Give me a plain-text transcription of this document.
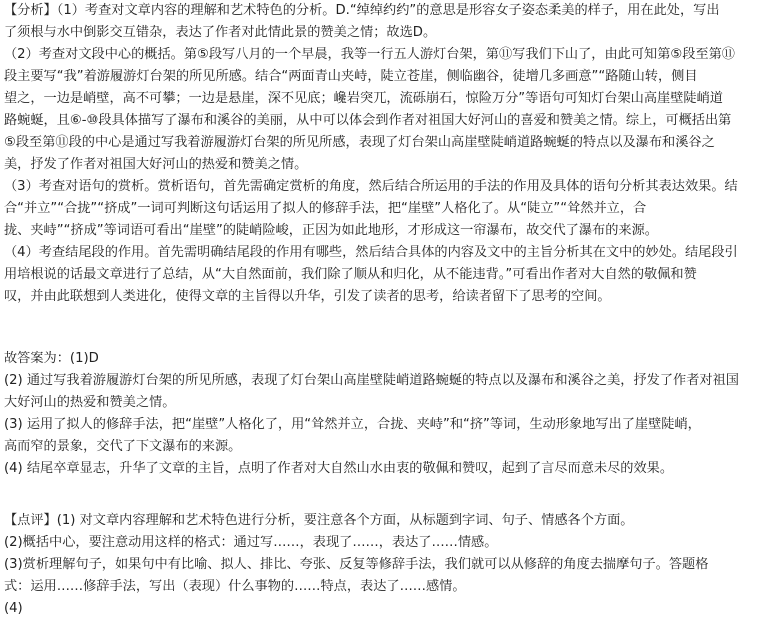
【分析】（1）考查对文章内容的理解和艺术特色的分析。D.“绰绰约约”的意思是形容女子姿态柔美的样子，用在此处，写出
了须根与水中倒影交互错杂，表达了作者对此情此景的赞美之情；故选D。
（2）考查对文段中心的概括。第⑤段写八月的一个早晨，我等一行五人游灯台架，第⑪写我们下山了，由此可知第⑤段至第⑪
段主要写“我”着游履游灯台架的所见所感。结合“两面青山夹峙，陡立苍崖，侧临幽谷，徒增几多画意”“路随山转，侧目
望之，一边是峭壁，高不可攀；一边是悬崖，深不见底；巉岩突兀，流砾崩石，惊险万分”等语句可知灯台架山高崖壁陡峭道
路蜿蜒，且⑥-⑩段具体描写了瀑布和溪谷的美丽，从中可以体会到作者对祖国大好河山的喜爱和赞美之情。综上，可概括出第
⑤段至第⑪段的中心是通过写我着游履游灯台架的所见所感，表现了灯台架山高崖壁陡峭道路蜿蜒的特点以及瀑布和溪谷之
美，抒发了作者对祖国大好河山的热爱和赞美之情。
（3）考查对语句的赏析。赏析语句，首先需确定赏析的角度，然后结合所运用的手法的作用及具体的语句分析其表达效果。结
合“并立”“合拢”“挤成”一词可判断这句话运用了拟人的修辞手法，把“崖壁”人格化了。从“陡立”“耸然并立，合
拢、夹峙”“挤成”等词语可看出“崖壁”的陡峭险峻，正因为如此地形，才形成这一帘瀑布，故交代了瀑布的来源。
（4）考查结尾段的作用。首先需明确结尾段的作用有哪些，然后结合具体的内容及文中的主旨分析其在文中的妙处。结尾段引
用培根说的话最文章进行了总结，从“大自然面前，我们除了顺从和归化，从不能违背。”可看出作者对大自然的敬佩和赞
叹，并由此联想到人类进化，使得文章的主旨得以升华，引发了读者的思考，给读者留下了思考的空间。
故答案为：(1)D
(2) 通过写我着游履游灯台架的所见所感，表现了灯台架山高崖壁陡峭道路蜿蜒的特点以及瀑布和溪谷之美，抒发了作者对祖国
大好河山的热爱和赞美之情。
(3) 运用了拟人的修辞手法，把“崖壁”人格化了，用“耸然并立，合拢、夹峙”和“挤”等词，生动形象地写出了崖壁陡峭，
高而窄的景象，交代了下文瀑布的来源。
(4) 结尾卒章显志，升华了文章的主旨，点明了作者对大自然山水由衷的敬佩和赞叹，起到了言尽而意未尽的效果。
【点评】(1) 对文章内容理解和艺术特色进行分析，要注意各个方面，从标题到字词、句子、情感各个方面。
(2)概括中心，要注意动用这样的格式：通过写……，表现了……，表达了……情感。
(3)赏析理解句子，如果句中有比喻、拟人、排比、夸张、反复等修辞手法，我们就可以从修辞的角度去揣摩句子。答题格
式：运用……修辞手法，写出（表现）什么事物的……特点，表达了……感情。
(4)
